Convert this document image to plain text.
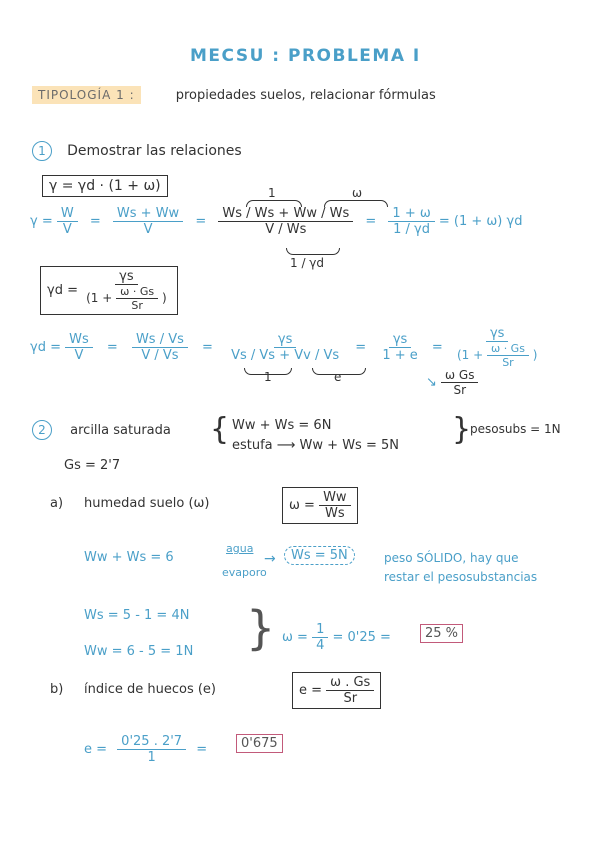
MECSU : PROBLEMA I
TIPOLOGÍA 1 :	propiedades suelos, relacionar fórmulas
1 Demostrar las relaciones
γ = γd · (1 + ω)
$\gamma = \frac{W}{V} = \frac{Ws + Ww}{V} = \frac{Ws / Ws + Ww / Ws}{V / Ws} = \frac{1 + \omega}{1 / \gamma d} = (1 + \omega)$ γd
1	ω
1 / γd
$\gamma d = \frac{\gamma s}{(1 + \frac{\omega \cdot Gs}{Sr} )}$
$\gamma d = \frac{Ws}{V} = \frac{Ws / Vs}{V / Vs} = \frac{\gamma s}{Vs / Vs + Vv / Vs} = \frac{\gamma s}{1 + e} = \frac{\gamma s}{(1 + \frac{\omega \cdot Gs}{Sr} )}$
1	e	↘ $\frac{\text{ω Gs}}{Sr}$
2 arcilla saturada { Ww + Ws = 6N
estufa ⟶ Ww + Ws = 5N }
pesosubs = 1N
Gs = 2'7
a) humedad suelo (ω)	$\omega = \frac{Ww}{Ws}$
Ww + Ws = 6
agua
evaporo
→	Ws = 5N	peso SÓLIDO, hay que
restar el pesosubstancias
Ws = 5 - 1 = 4N
Ww = 6 - 5 = 1N } $\omega = \frac{1}{4} = 0'25$ =	25 %
b) índice de huecos (e)	$e = \frac{\omega . Gs}{Sr}$
$e = \frac{0'25 . 2'7}{1}$ =	0'675
